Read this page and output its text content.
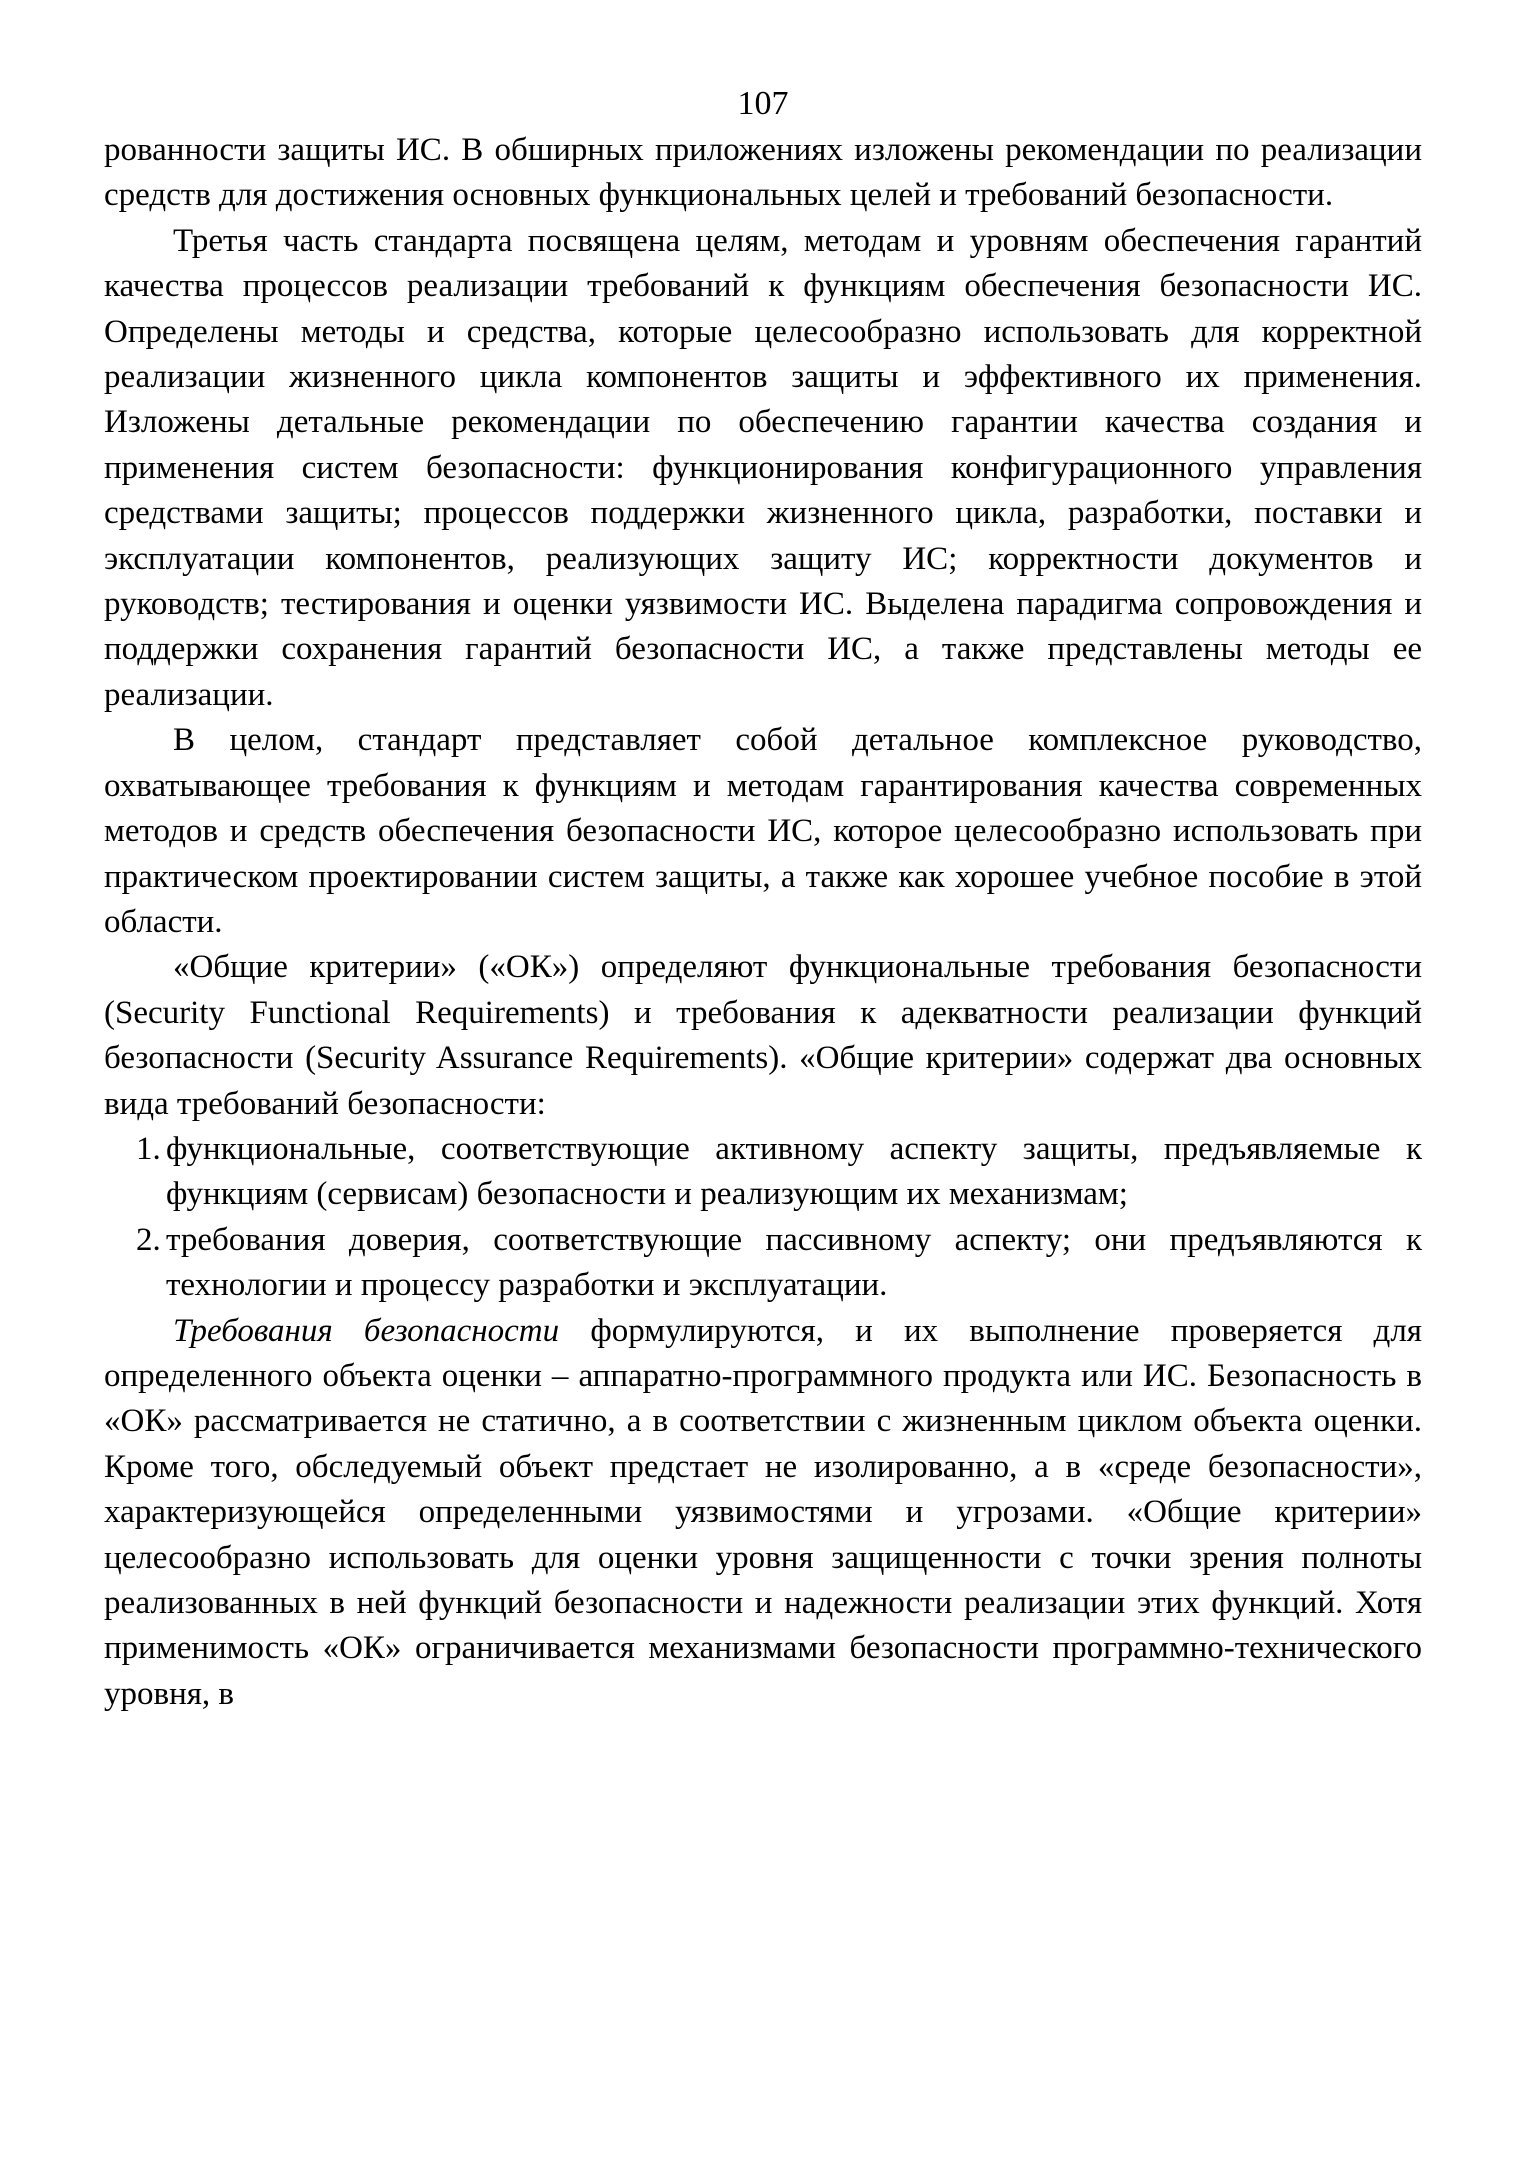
107

рованности защиты ИС. В обширных приложениях изложены рекомендации по реализации средств для достижения основных функциональных целей и требований безопасности.

Третья часть стандарта посвящена целям, методам и уровням обеспечения гарантий качества процессов реализации требований к функциям обеспечения безопасности ИС. Определены методы и средства, которые целесообразно использовать для корректной реализации жизненного цикла компонентов защиты и эффективного их применения. Изложены детальные рекомендации по обеспечению гарантии качества создания и применения систем безопасности: функционирования конфигурационного управления средствами защиты; процессов поддержки жизненного цикла, разработки, поставки и эксплуатации компонентов, реализующих защиту ИС; корректности документов и руководств; тестирования и оценки уязвимости ИС. Выделена парадигма сопровождения и поддержки сохранения гарантий безопасности ИС, а также представлены методы ее реализации.

В целом, стандарт представляет собой детальное комплексное руководство, охватывающее требования к функциям и методам гарантирования качества современных методов и средств обеспечения безопасности ИС, которое целесообразно использовать при практическом проектировании систем защиты, а также как хорошее учебное пособие в этой области.

«Общие критерии» («ОК») определяют функциональные требования безопасности (Security Functional Requirements) и требования к адекватности реализации функций безопасности (Security Assurance Requirements). «Общие критерии» содержат два основных вида требований безопасности:

1. функциональные, соответствующие активному аспекту защиты, предъявляемые к функциям (сервисам) безопасности и реализующим их механизмам;
2. требования доверия, соответствующие пассивному аспекту; они предъявляются к технологии и процессу разработки и эксплуатации.

Требования безопасности формулируются, и их выполнение проверяется для определенного объекта оценки – аппаратно-программного продукта или ИС. Безопасность в «ОК» рассматривается не статично, а в соответствии с жизненным циклом объекта оценки. Кроме того, обследуемый объект предстает не изолированно, а в «среде безопасности», характеризующейся определенными уязвимостями и угрозами. «Общие критерии» целесообразно использовать для оценки уровня защищенности с точки зрения полноты реализованных в ней функций безопасности и надежности реализации этих функций. Хотя применимость «ОК» ограничивается механизмами безопасности программно-технического уровня, в
